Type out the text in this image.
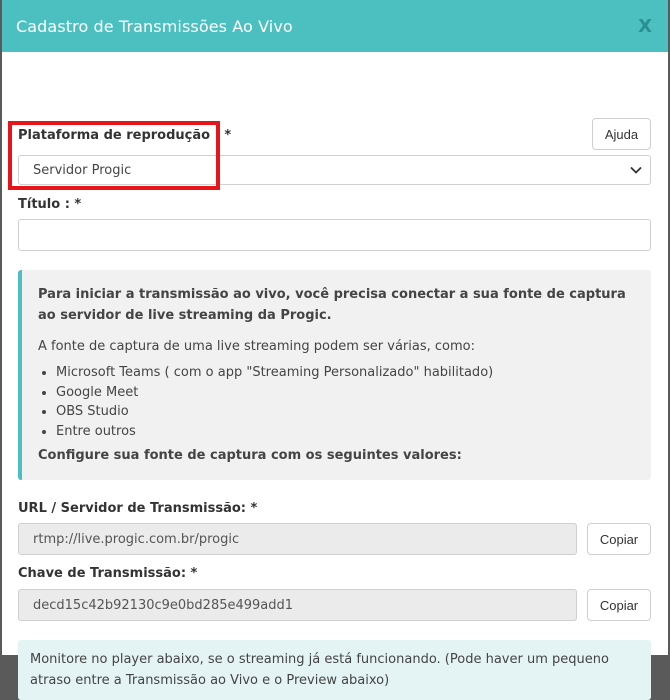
Cadastro de Transmissões Ao Vivo	X
Plataforma de reprodução : *	Ajuda
Servidor Progic
Título : *

Para iniciar a transmissão ao vivo, você precisa conectar a sua fonte de captura ao servidor de live streaming da Progic.

A fonte de captura de uma live streaming podem ser várias, como:

• Microsoft Teams ( com o app "Streaming Personalizado" habilitado)
• Google Meet
• OBS Studio
• Entre outros

Configure sua fonte de captura com os seguintes valores:

URL / Servidor de Transmissão: *
rtmp://live.progic.com.br/progic	Copiar
Chave de Transmissão: *
decd15c42b92130c9e0bd285e499add1	Copiar
Monitore no player abaixo, se o streaming já está funcionando. (Pode haver um pequeno atraso entre a Transmissão ao Vivo e o Preview abaixo)
